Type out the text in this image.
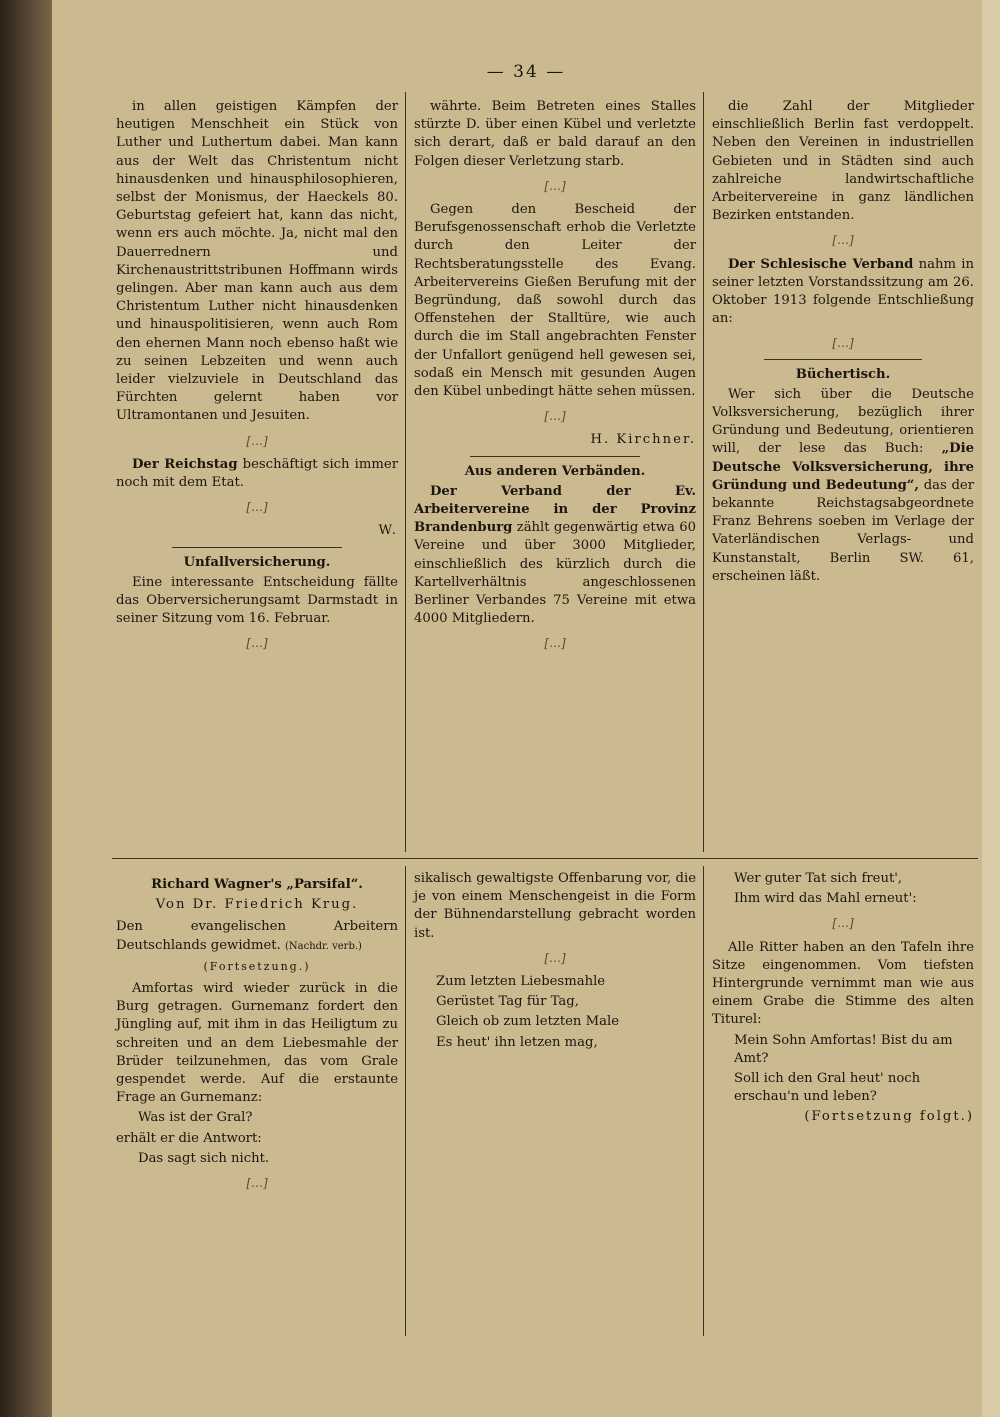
— 34 —

in allen geistigen Kämpfen der heutigen Menschheit ein Stück von Luther und Luthertum dabei. Man kann aus der Welt das Christentum nicht hinausdenken und hinausphilosophieren, selbst der Monismus, der Haeckels 80. Geburtstag gefeiert hat, kann das nicht, wenn ers auch möchte. Ja, nicht mal den Dauerrednern und Kirchenaustrittstribunen Hoffmann wirds gelingen. Aber man kann auch aus dem Christentum Luther nicht hinausdenken und hinauspolitisieren, wenn auch Rom den ehernen Mann noch ebenso haßt wie zu seinen Lebzeiten und wenn auch leider vielzuviele in Deutschland das Fürchten gelernt haben vor Ultramontanen und Jesuiten.

[…]

Der Reichstag beschäftigt sich immer noch mit dem Etat.

[…]

W.

Unfallversicherung.

Eine interessante Entscheidung fällte das Oberversicherungsamt Darmstadt in seiner Sitzung vom 16. Februar.

[…]

währte. Beim Betreten eines Stalles stürzte D. über einen Kübel und verletzte sich derart, daß er bald darauf an den Folgen dieser Verletzung starb.

[…]

Gegen den Bescheid der Berufsgenossenschaft erhob die Verletzte durch den Leiter der Rechtsberatungsstelle des Evang. Arbeitervereins Gießen Berufung mit der Begründung, daß sowohl durch das Offenstehen der Stalltüre, wie auch durch die im Stall angebrachten Fenster der Unfallort genügend hell gewesen sei, sodaß ein Mensch mit gesunden Augen den Kübel unbedingt hätte sehen müssen.

[…]

H. Kirchner.

Aus anderen Verbänden.

Der Verband der Ev. Arbeitervereine in der Provinz Brandenburg zählt gegenwärtig etwa 60 Vereine und über 3000 Mitglieder, einschließlich des kürzlich durch die Kartellverhältnis angeschlossenen Berliner Verbandes 75 Vereine mit etwa 4000 Mitgliedern.

[…]

die Zahl der Mitglieder einschließlich Berlin fast verdoppelt. Neben den Vereinen in industriellen Gebieten und in Städten sind auch zahlreiche landwirtschaftliche Arbeitervereine in ganz ländlichen Bezirken entstanden.

[…]

Der Schlesische Verband nahm in seiner letzten Vorstandssitzung am 26. Oktober 1913 folgende Entschließung an:

[…]

Büchertisch.

Wer sich über die Deutsche Volksversicherung, bezüglich ihrer Gründung und Bedeutung, orientieren will, der lese das Buch: „Die Deutsche Volksversicherung, ihre Gründung und Bedeutung“, das der bekannte Reichstagsabgeordnete Franz Behrens soeben im Verlage der Vaterländischen Verlags- und Kunstanstalt, Berlin SW. 61, erscheinen läßt.

Richard Wagner's „Parsifal“.

Von Dr. Friedrich Krug.

Den evangelischen Arbeitern Deutschlands gewidmet. (Nachdr. verb.)

(Fortsetzung.)

Amfortas wird wieder zurück in die Burg getragen. Gurnemanz fordert den Jüngling auf, mit ihm in das Heiligtum zu schreiten und an dem Liebesmahle der Brüder teilzunehmen, das vom Grale gespendet werde. Auf die erstaunte Frage an Gurnemanz:

Was ist der Gral?

erhält er die Antwort:

Das sagt sich nicht.

[…]

sikalisch gewaltigste Offenbarung vor, die je von einem Menschengeist in die Form der Bühnendarstellung gebracht worden ist.

[…]

Zum letzten Liebesmahle

Gerüstet Tag für Tag,

Gleich ob zum letzten Male

Es heut' ihn letzen mag,

Wer guter Tat sich freut',

Ihm wird das Mahl erneut':

[…]

Alle Ritter haben an den Tafeln ihre Sitze eingenommen. Vom tiefsten Hintergrunde vernimmt man wie aus einem Grabe die Stimme des alten Titurel:

Mein Sohn Amfortas! Bist du am Amt?

Soll ich den Gral heut' noch erschau'n und leben?

(Fortsetzung folgt.)
